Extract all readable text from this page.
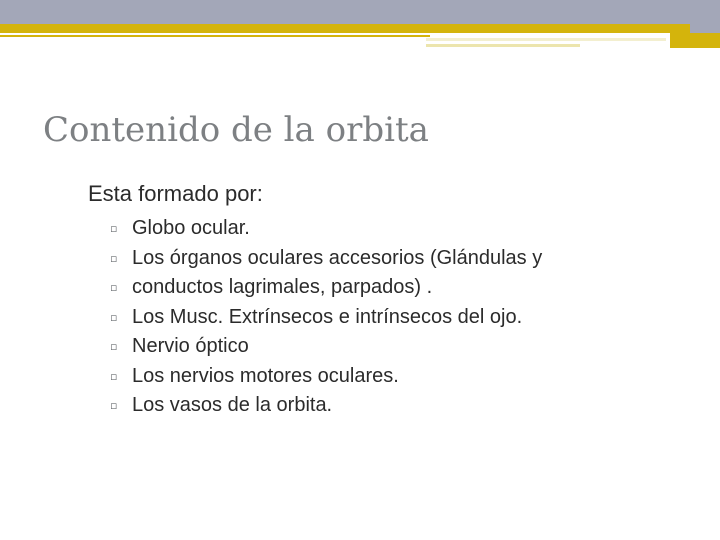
Contenido de la orbita
Esta formado por:
▫ Globo ocular.
▫ Los órganos oculares accesorios (Glándulas y
▫ conductos lagrimales, parpados) .
▫ Los Musc. Extrínsecos e intrínsecos del ojo.
▫ Nervio óptico
▫ Los nervios motores oculares.
▫ Los vasos de la orbita.
